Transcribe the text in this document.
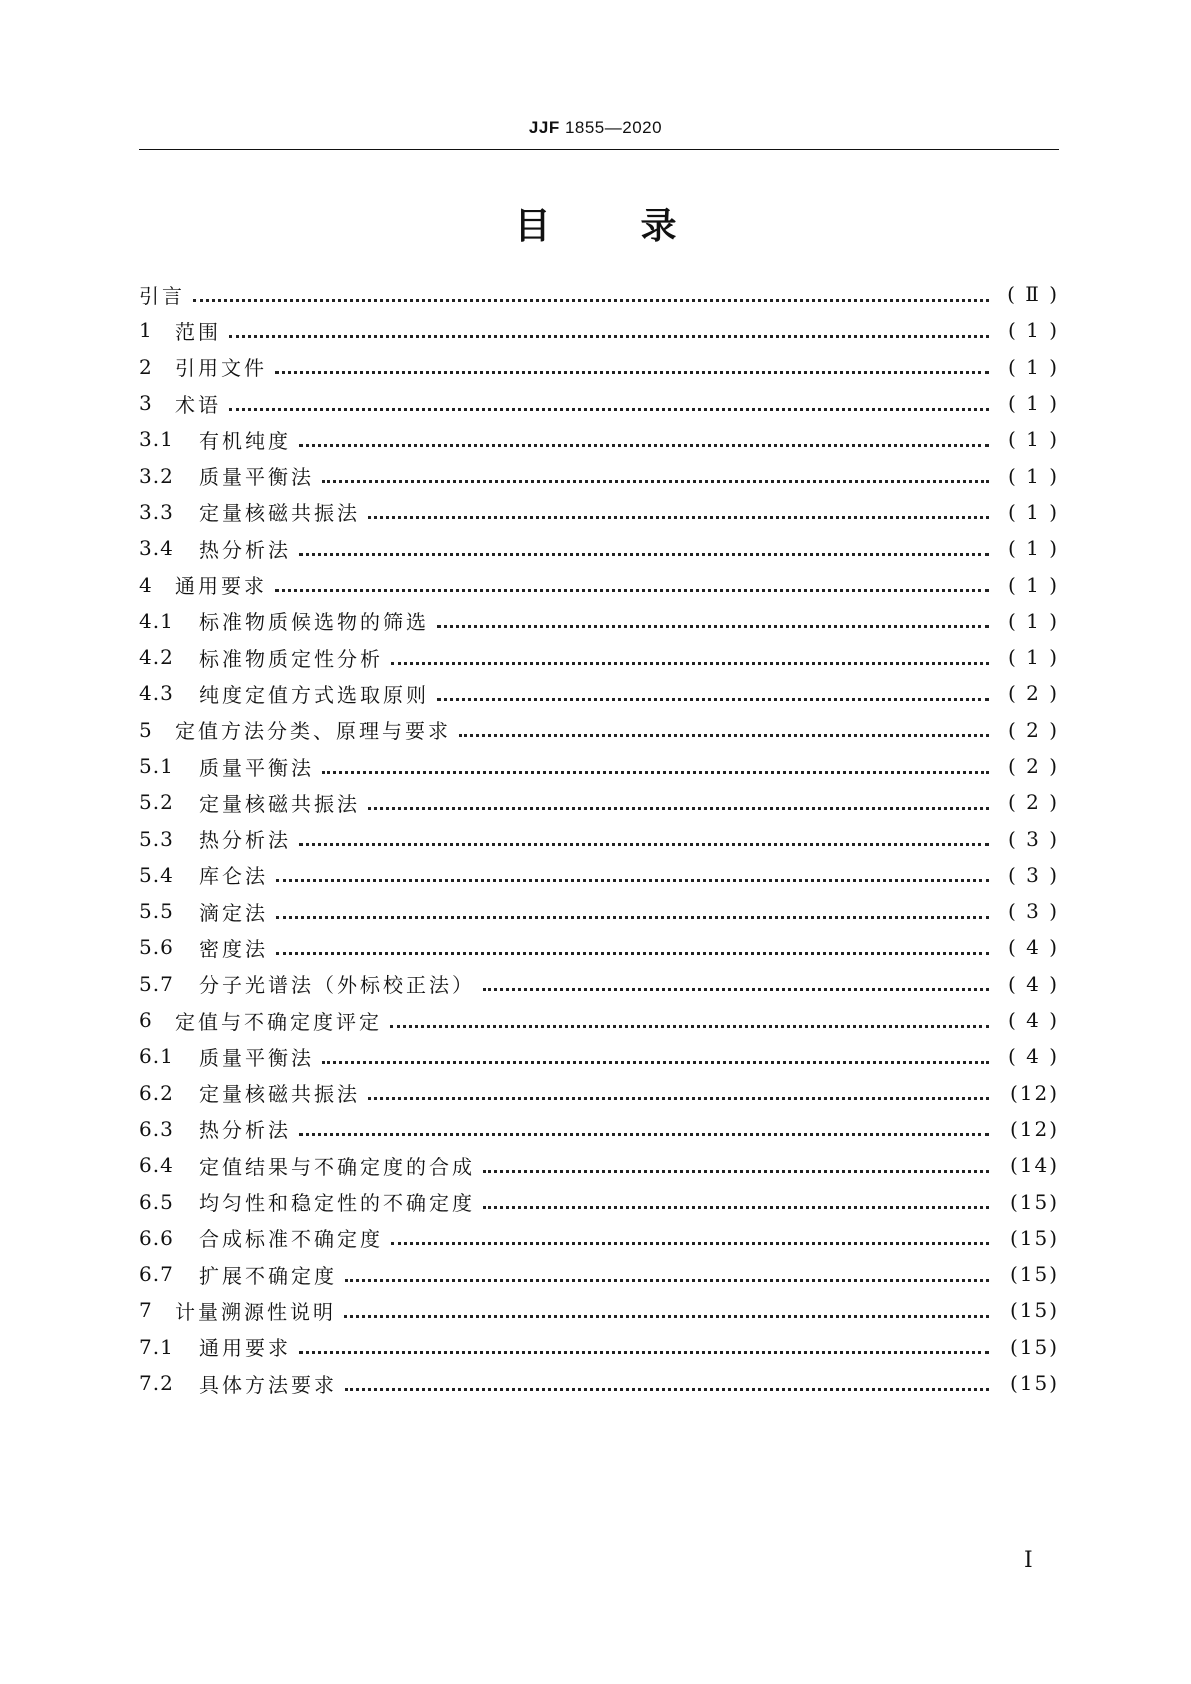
JJF 1855—2020
目	录
引言	( Ⅱ )
1	范围	( 1 )
2	引用文件	( 1 )
3	术语	( 1 )
3.1	有机纯度	( 1 )
3.2	质量平衡法	( 1 )
3.3	定量核磁共振法	( 1 )
3.4	热分析法	( 1 )
4	通用要求	( 1 )
4.1	标准物质候选物的筛选	( 1 )
4.2	标准物质定性分析	( 1 )
4.3	纯度定值方式选取原则	( 2 )
5	定值方法分类、原理与要求	( 2 )
5.1	质量平衡法	( 2 )
5.2	定量核磁共振法	( 2 )
5.3	热分析法	( 3 )
5.4	库仑法	( 3 )
5.5	滴定法	( 3 )
5.6	密度法	( 4 )
5.7	分子光谱法（外标校正法）	( 4 )
6	定值与不确定度评定	( 4 )
6.1	质量平衡法	( 4 )
6.2	定量核磁共振法	(12)
6.3	热分析法	(12)
6.4	定值结果与不确定度的合成	(14)
6.5	均匀性和稳定性的不确定度	(15)
6.6	合成标准不确定度	(15)
6.7	扩展不确定度	(15)
7	计量溯源性说明	(15)
7.1	通用要求	(15)
7.2	具体方法要求	(15)
I
